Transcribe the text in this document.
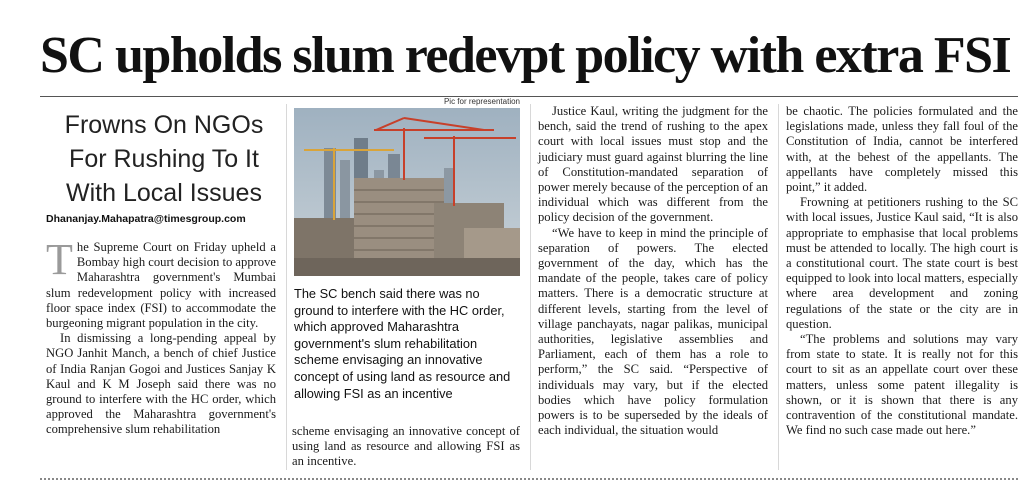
SC upholds slum redevpt policy with extra FSI
Frowns On NGOs For Rushing To It With Local Issues
Dhananjay.Mahapatra@timesgroup.com

The Supreme Court on Friday upheld a Bombay high court decision to approve Maharashtra government's Mumbai slum redevelopment policy with increased floor space index (FSI) to accommodate the burgeoning migrant population in the city.

In dismissing a long-pending appeal by NGO Janhit Manch, a bench of chief Justice of India Ranjan Gogoi and Justices Sanjay K Kaul and K M Joseph said there was no ground to interfere with the HC order, which approved the Maharashtra government's comprehensive slum rehabilitation

Pic for representation
The SC bench said there was no ground to interfere with the HC order, which approved Maharashtra government's slum rehabilitation scheme envisaging an innovative concept of using land as resource and allowing FSI as an incentive

scheme envisaging an innovative concept of using land as resource and allowing FSI as an incentive.

Justice Kaul, writing the judgment for the bench, said the trend of rushing to the apex court with local issues must stop and the judiciary must guard against blurring the line of Constitution-mandated separation of power merely because of the perception of an individual which was different from the policy decision of the government.

“We have to keep in mind the principle of separation of powers. The elected government of the day, which has the mandate of the people, takes care of policy matters. There is a democratic structure at different levels, starting from the level of village panchayats, nagar palikas, municipal authorities, legislative assemblies and Parliament, each of them has a role to perform,” the SC said. “Perspective of individuals may vary, but if the elected bodies which have policy formulation powers is to be superseded by the ideals of each individual, the situation would

be chaotic. The policies formulated and the legislations made, unless they fall foul of the Constitution of India, cannot be interfered with, at the behest of the appellants. The appellants have completely missed this point,” it added.

Frowning at petitioners rushing to the SC with local issues, Justice Kaul said, “It is also appropriate to emphasise that local problems must be attended to locally. The high court is a constitutional court. The state court is best equipped to look into local matters, especially where area development and zoning regulations of the state or the city are in question.

“The problems and solutions may vary from state to state. It is really not for this court to sit as an appellate court over these matters, unless some patent illegality is shown, or it is shown that there is any contravention of the constitutional mandate. We find no such case made out here.”
